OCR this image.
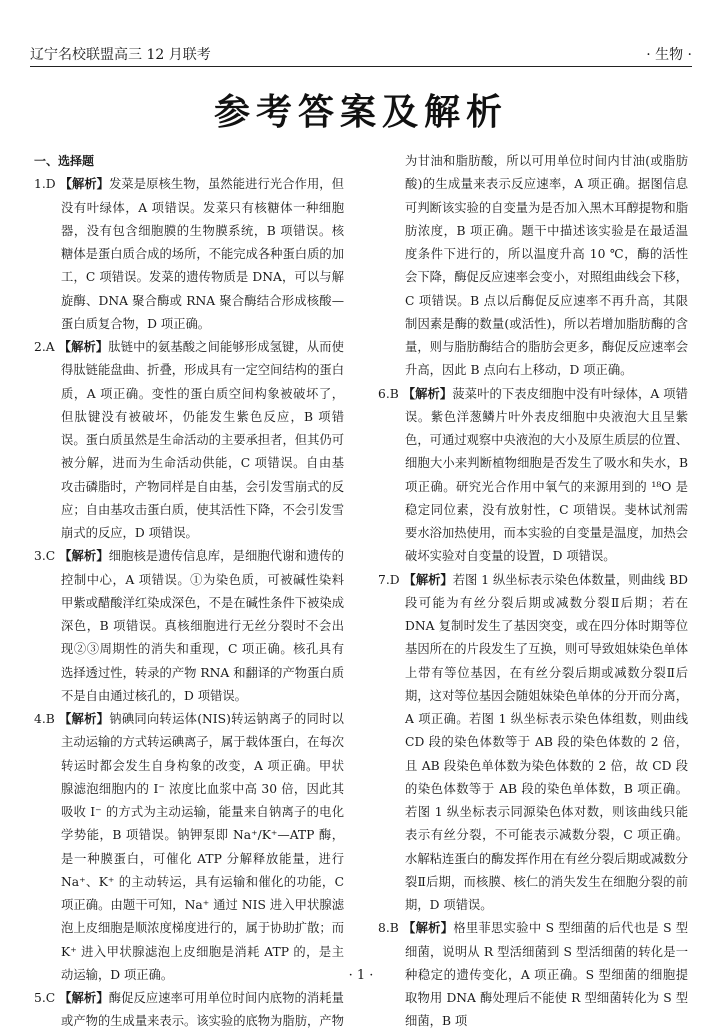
辽宁名校联盟高三 12 月联考	· 生物 ·
参考答案及解析
一、选择题
1.D 【解析】发菜是原核生物，虽然能进行光合作用，但没有叶绿体，A 项错误。发菜只有核糖体一种细胞器，没有包含细胞膜的生物膜系统，B 项错误。核糖体是蛋白质合成的场所，不能完成各种蛋白质的加工，C 项错误。发菜的遗传物质是 DNA，可以与解旋酶、DNA 聚合酶或 RNA 聚合酶结合形成核酸—蛋白质复合物，D 项正确。
2.A 【解析】肽链中的氨基酸之间能够形成氢键，从而使得肽链能盘曲、折叠，形成具有一定空间结构的蛋白质，A 项正确。变性的蛋白质空间构象被破坏了，但肽键没有被破坏，仍能发生紫色反应，B 项错误。蛋白质虽然是生命活动的主要承担者，但其仍可被分解，进而为生命活动供能，C 项错误。自由基攻击磷脂时，产物同样是自由基，会引发雪崩式的反应；自由基攻击蛋白质，使其活性下降，不会引发雪崩式的反应，D 项错误。
3.C 【解析】细胞核是遗传信息库，是细胞代谢和遗传的控制中心，A 项错误。①为染色质，可被碱性染料甲紫或醋酸洋红染成深色，不是在碱性条件下被染成深色，B 项错误。真核细胞进行无丝分裂时不会出现②③周期性的消失和重现，C 项正确。核孔具有选择透过性，转录的产物 RNA 和翻译的产物蛋白质不是自由通过核孔的，D 项错误。
4.B 【解析】钠碘同向转运体(NIS)转运钠离子的同时以主动运输的方式转运碘离子，属于载体蛋白，在每次转运时都会发生自身构象的改变，A 项正确。甲状腺滤泡细胞内的 I⁻ 浓度比血浆中高 30 倍，因此其吸收 I⁻ 的方式为主动运输，能量来自钠离子的电化学势能，B 项错误。钠钾泵即 Na⁺/K⁺—ATP 酶，是一种膜蛋白，可催化 ATP 分解释放能量，进行 Na⁺、K⁺ 的主动转运，具有运输和催化的功能，C 项正确。由题干可知，Na⁺ 通过 NIS 进入甲状腺滤泡上皮细胞是顺浓度梯度进行的，属于协助扩散；而 K⁺ 进入甲状腺滤泡上皮细胞是消耗 ATP 的，是主动运输，D 项正确。
5.C 【解析】酶促反应速率可用单位时间内底物的消耗量或产物的生成量来表示。该实验的底物为脂肪，产物
为甘油和脂肪酸，所以可用单位时间内甘油(或脂肪酸)的生成量来表示反应速率，A 项正确。据图信息可判断该实验的自变量为是否加入黑木耳醇提物和脂肪浓度，B 项正确。题干中描述该实验是在最适温度条件下进行的，所以温度升高 10 ℃，酶的活性会下降，酶促反应速率会变小，对照组曲线会下移，C 项错误。B 点以后酶促反应速率不再升高，其限制因素是酶的数量(或活性)，所以若增加脂肪酶的含量，则与脂肪酶结合的脂肪会更多，酶促反应速率会升高，因此 B 点向右上移动，D 项正确。
6.B 【解析】菠菜叶的下表皮细胞中没有叶绿体，A 项错误。紫色洋葱鳞片叶外表皮细胞中央液泡大且呈紫色，可通过观察中央液泡的大小及原生质层的位置、细胞大小来判断植物细胞是否发生了吸水和失水，B 项正确。研究光合作用中氧气的来源用到的 ¹⁸O 是稳定同位素，没有放射性，C 项错误。斐林试剂需要水浴加热使用，而本实验的自变量是温度，加热会破坏实验对自变量的设置，D 项错误。
7.D 【解析】若图 1 纵坐标表示染色体数量，则曲线 BD 段可能为有丝分裂后期或减数分裂Ⅱ后期；若在 DNA 复制时发生了基因突变，或在四分体时期等位基因所在的片段发生了互换，则可导致姐妹染色单体上带有等位基因，在有丝分裂后期或减数分裂Ⅱ后期，这对等位基因会随姐妹染色单体的分开而分离，A 项正确。若图 1 纵坐标表示染色体组数，则曲线 CD 段的染色体数等于 AB 段的染色体数的 2 倍，且 AB 段染色单体数为染色体数的 2 倍，故 CD 段的染色体数等于 AB 段的染色单体数，B 项正确。若图 1 纵坐标表示同源染色体对数，则该曲线只能表示有丝分裂，不可能表示减数分裂，C 项正确。水解粘连蛋白的酶发挥作用在有丝分裂后期或减数分裂Ⅱ后期，而核膜、核仁的消失发生在细胞分裂的前期，D 项错误。
8.B 【解析】格里菲思实验中 S 型细菌的后代也是 S 型细菌，说明从 R 型活细菌到 S 型活细菌的转化是一种稳定的遗传变化，A 项正确。S 型细菌的细胞提取物用 DNA 酶处理后不能使 R 型细菌转化为 S 型细菌，B 项
· 1 ·
